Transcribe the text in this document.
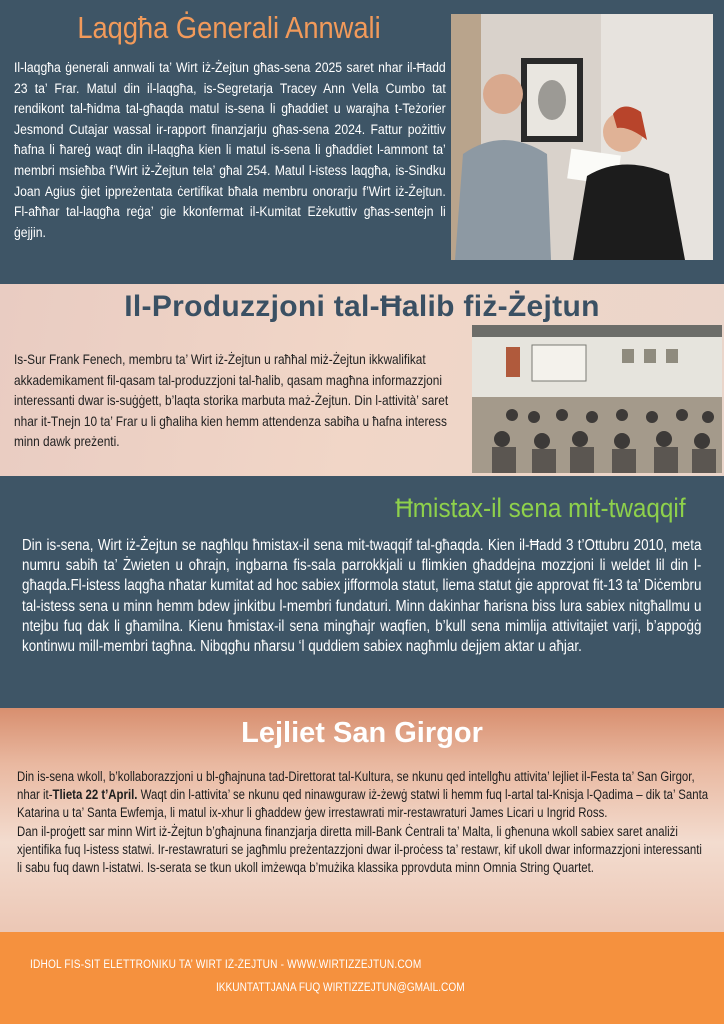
Laqgħa Ġenerali Annwali

Il-laqgħa ġenerali annwali ta’ Wirt iż-Żejtun għas-sena 2025 saret nhar il-Ħadd 23 ta’ Frar. Matul din il-laqgħa, is-Segretarja Tracey Ann Vella Cumbo tat rendikont tal-ħidma tal-għaqda matul is-sena li għaddiet u warajha t-Teżorier Jesmond Cutajar wassal ir-rapport finanzjarju għas-sena 2024. Fattur pożittiv ħafna li ħareġ waqt din il-laqgħa kien li matul is-sena li għaddiet l-ammont ta’ membri msieħba f’Wirt iż-Żejtun tela’ għal 254. Matul l-istess laqgħa, is-Sindku Joan Agius ġiet ippreżentata ċertifikat bħala membru onorarju f’Wirt iż-Żejtun. Fl-aħħar tal-laqgħa reġa’ gie kkonfermat il-Kumitat Eżekuttiv għas-sentejn li ġejjin.

Il-Produzzjoni tal-Ħalib fiż-Żejtun

Is-Sur Frank Fenech, membru ta’ Wirt iż-Żejtun u raħħal miż-Żejtun ikkwalifikat akkademikament fil-qasam tal-produzzjoni tal-ħalib, qasam magħna informazzjoni interessanti dwar is-suġġett, b’laqta storika marbuta maż-Żejtun. Din l-attività’ saret nhar it-Tnejn 10 ta’ Frar u li għaliha kien hemm attendenza sabiħa u ħafna interess minn dawk preżenti.

Ħmistax-il sena mit-twaqqif

Din is-sena, Wirt iż-Żejtun se nagħlqu ħmistax-il sena mit-twaqqif tal-għaqda. Kien il-Ħadd 3 t’Ottubru 2010, meta numru sabiħ ta’ Żwieten u oħrajn, ingbarna fis-sala parrokkjali u flimkien għaddejna mozzjoni li weldet lil din l-għaqda.Fl-istess laqgħa nħatar kumitat ad hoc sabiex jifformola statut, liema statut ġie approvat fit-13 ta’ Diċembru tal-istess sena u minn hemm bdew jinkitbu l-membri fundaturi. Minn dakinhar ħarisna biss lura sabiex nitgħallmu u ntejbu fuq dak li għamilna. Kienu ħmistax-il sena mingħajr waqfien, b’kull sena mimlija attivitajiet varji, b’appoġġ kontinwu mill-membri tagħna. Nibqgħu nħarsu ‘l quddiem sabiex nagħmlu dejjem aktar u aħjar.

Lejliet San Girgor

Din is-sena wkoll, b’kollaborazzjoni u bl-għajnuna tad-Direttorat tal-Kultura, se nkunu qed intellgħu attivita’ lejliet il-Festa ta’ San Girgor, nhar it-Tlieta 22 t’April. Waqt din l-attivita’ se nkunu qed ninawguraw iż-żewġ statwi li hemm fuq l-artal tal-Knisja l-Qadima – dik ta’ Santa Katarina u ta’ Santa Ewfemja, li matul ix-xhur li għaddew ġew irrestawrati mir-restawraturi James Licari u Ingrid Ross.

Dan il-proġett sar minn Wirt iż-Żejtun b’għajnuna finanzjarja diretta mill-Bank Ċentrali ta’ Malta, li għenuna wkoll sabiex saret analiżi xjentifika fuq l-istess statwi. Ir-restawraturi se jagħmlu preżentazzjoni dwar il-proċess ta’ restawr, kif ukoll dwar informazzjoni interessanti li sabu fuq dawn l-istatwi. Is-serata se tkun ukoll imżewqa b’mużika klassika pprovduta minn Omnia String Quartet.

IDHOL FIS-SIT ELETTRONIKU TA’ WIRT IŻ-ŻEJTUN - WWW.WIRTIZZEJTUN.COM
IKKUNTATTJANA FUQ WIRTIZZEJTUN@GMAIL.COM
